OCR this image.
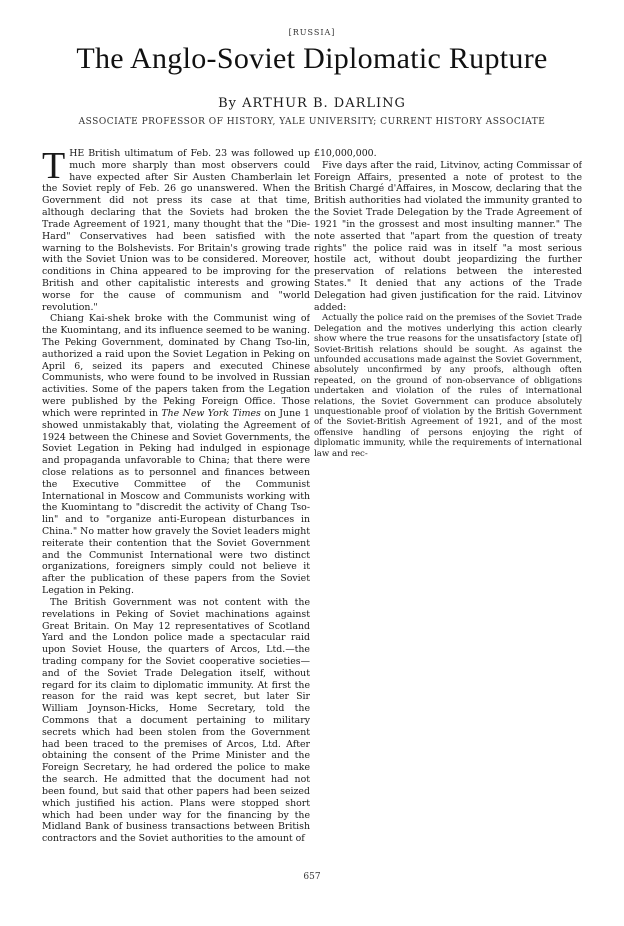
[RUSSIA]
The Anglo-Soviet Diplomatic Rupture
By ARTHUR B. DARLING
ASSOCIATE PROFESSOR OF HISTORY, YALE UNIVERSITY; CURRENT HISTORY ASSOCIATE

THE British ultimatum of Feb. 23 was followed up much more sharply than most observers could have expected after Sir Austen Chamberlain let the Soviet reply of Feb. 26 go unanswered. When the Government did not press its case at that time, although declaring that the Soviets had broken the Trade Agreement of 1921, many thought that the "Die-Hard" Conservatives had been satisfied with the warning to the Bolshevists. For Britain's growing trade with the Soviet Union was to be considered. Moreover, conditions in China appeared to be improving for the British and other capitalistic interests and growing worse for the cause of communism and "world revolution."

Chiang Kai-shek broke with the Communist wing of the Kuomintang, and its influence seemed to be waning. The Peking Government, dominated by Chang Tso-lin, authorized a raid upon the Soviet Legation in Peking on April 6, seized its papers and executed Chinese Communists, who were found to be involved in Russian activities. Some of the papers taken from the Legation were published by the Peking Foreign Office. Those which were reprinted in The New York Times on June 1 showed unmistakably that, violating the Agreement of 1924 between the Chinese and Soviet Governments, the Soviet Legation in Peking had indulged in espionage and propaganda unfavorable to China; that there were close relations as to personnel and finances between the Executive Committee of the Communist International in Moscow and Communists working with the Kuomintang to "discredit the activity of Chang Tso-lin" and to "organize anti-European disturbances in China." No matter how gravely the Soviet leaders might reiterate their contention that the Soviet Government and the Communist International were two distinct organizations, foreigners simply could not believe it after the publication of these papers from the Soviet Legation in Peking.

The British Government was not content with the revelations in Peking of Soviet machinations against Great Britain. On May 12 representatives of Scotland Yard and the London police made a spectacular raid upon Soviet House, the quarters of Arcos, Ltd.—the trading company for the Soviet cooperative societies—and of the Soviet Trade Delegation itself, without regard for its claim to diplomatic immunity. At first the reason for the raid was kept secret, but later Sir William Joynson-Hicks, Home Secretary, told the Commons that a document pertaining to military secrets which had been stolen from the Government had been traced to the premises of Arcos, Ltd. After obtaining the consent of the Prime Minister and the Foreign Secretary, he had ordered the police to make the search. He admitted that the document had not been found, but said that other papers had been seized which justified his action. Plans were stopped short which had been under way for the financing by the Midland Bank of business transactions between British contractors and the Soviet authorities to the amount of

£10,000,000.

Five days after the raid, Litvinov, acting Commissar of Foreign Affairs, presented a note of protest to the British Chargé d'Affaires, in Moscow, declaring that the British authorities had violated the immunity granted to the Soviet Trade Delegation by the Trade Agreement of 1921 "in the grossest and most insulting manner." The note asserted that "apart from the question of treaty rights" the police raid was in itself "a most serious hostile act, without doubt jeopardizing the further preservation of relations between the interested States." It denied that any actions of the Trade Delegation had given justification for the raid. Litvinov added:

Actually the police raid on the premises of the Soviet Trade Delegation and the motives underlying this action clearly show where the true reasons for the unsatisfactory [state of] Soviet-British relations should be sought. As against the unfounded accusations made against the Soviet Government, absolutely unconfirmed by any proofs, although often repeated, on the ground of non-observance of obligations undertaken and violation of the rules of international relations, the Soviet Government can produce absolutely unquestionable proof of violation by the British Government of the Soviet-British Agreement of 1921, and of the most offensive handling of persons enjoying the right of diplomatic immunity, while the requirements of international law and rec-

657
